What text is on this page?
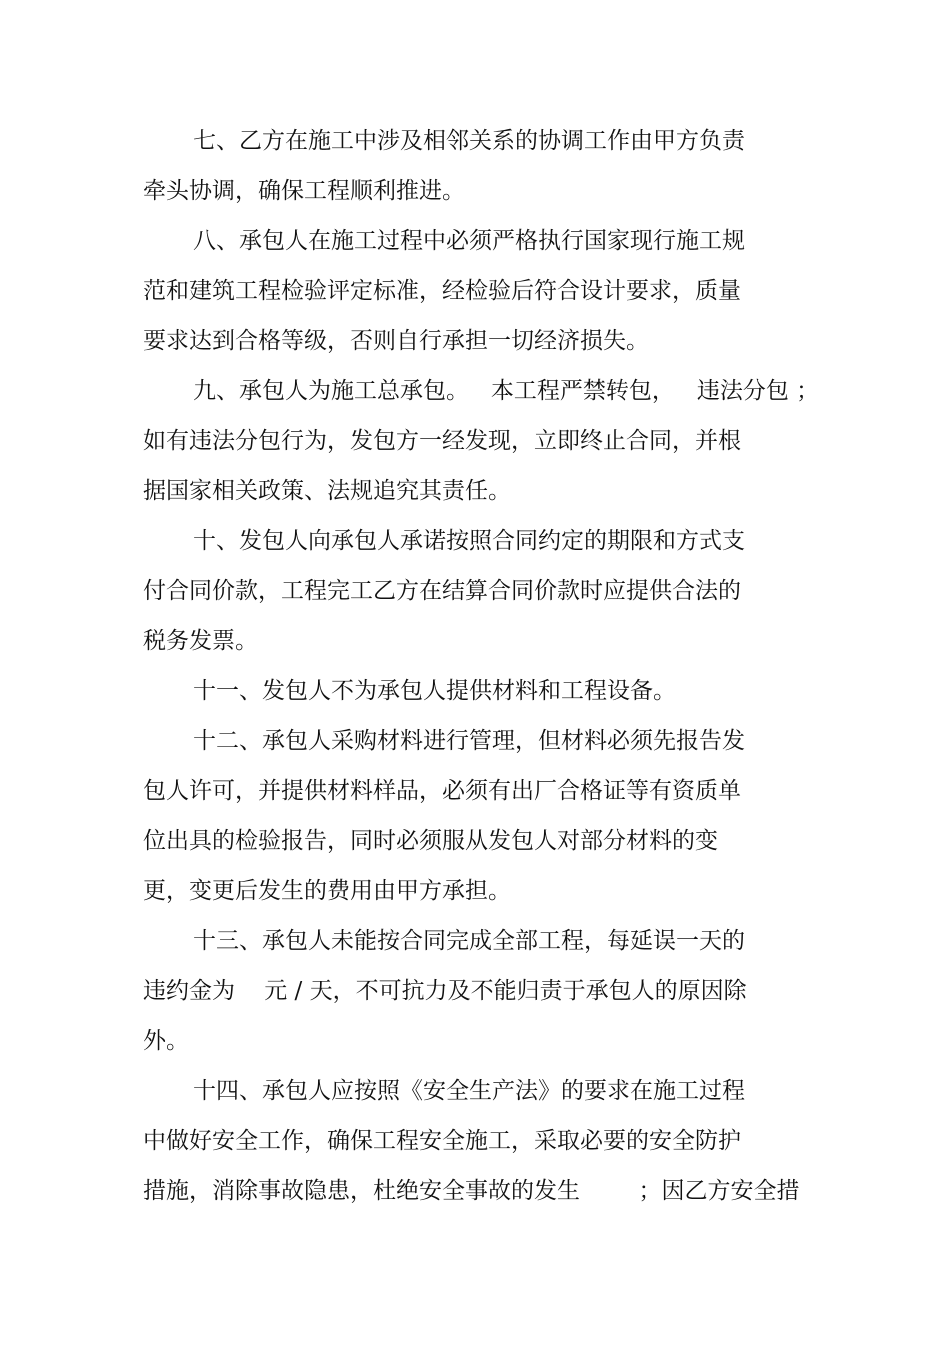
七、乙方在施工中涉及相邻关系的协调工作由甲方负责
牵头协调，确保工程顺利推进。
八、承包人在施工过程中必须严格执行国家现行施工规
范和建筑工程检验评定标准，经检验后符合设计要求，质量
要求达到合格等级，否则自行承担一切经济损失。
九、承包人为施工总承包。   本工程严禁转包，   违法分包 ；
如有违法分包行为，发包方一经发现，立即终止合同，并根
据国家相关政策、法规追究其责任。
十、发包人向承包人承诺按照合同约定的期限和方式支
付合同价款，工程完工乙方在结算合同价款时应提供合法的
税务发票。
十一、发包人不为承包人提供材料和工程设备。
十二、承包人采购材料进行管理，但材料必须先报告发
包人许可，并提供材料样品，必须有出厂合格证等有资质单
位出具的检验报告，同时必须服从发包人对部分材料的变
更，变更后发生的费用由甲方承担。
十三、承包人未能按合同完成全部工程，每延误一天的
违约金为    元 / 天，不可抗力及不能归责于承包人的原因除
外。
十四、承包人应按照《安全生产法》的要求在施工过程
中做好安全工作，确保工程安全施工，采取必要的安全防护
措施，消除事故隐患，杜绝安全事故的发生        ；因乙方安全措
